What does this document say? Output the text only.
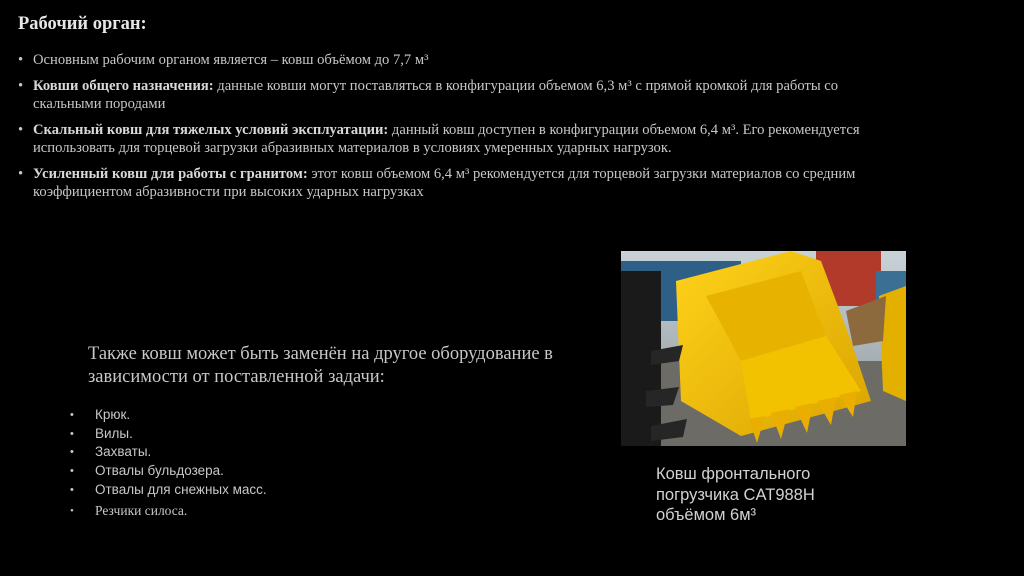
Рабочий орган:
• Основным рабочим органом является – ковш объёмом до 7,7 м³
• Ковши общего назначения: данные ковши могут поставляться в конфигурации объемом 6,3 м³ с прямой кромкой для работы со скальными породами
• Скальный ковш для тяжелых условий эксплуатации: данный ковш доступен в конфигурации объемом 6,4 м³. Его рекомендуется использовать для торцевой загрузки абразивных материалов в условиях умеренных ударных нагрузок.
• Усиленный ковш для работы с гранитом: этот ковш объемом 6,4 м³ рекомендуется для торцевой загрузки материалов со средним коэффициентом абразивности при высоких ударных нагрузках
Также ковш может быть заменён на другое оборудование в зависимости от поставленной задачи:
• Крюк.
• Вилы.
• Захваты.
• Отвалы бульдозера.
• Отвалы для снежных масс.
• Резчики силоса.
Ковш фронтального погрузчика CAT988H объёмом 6м³
